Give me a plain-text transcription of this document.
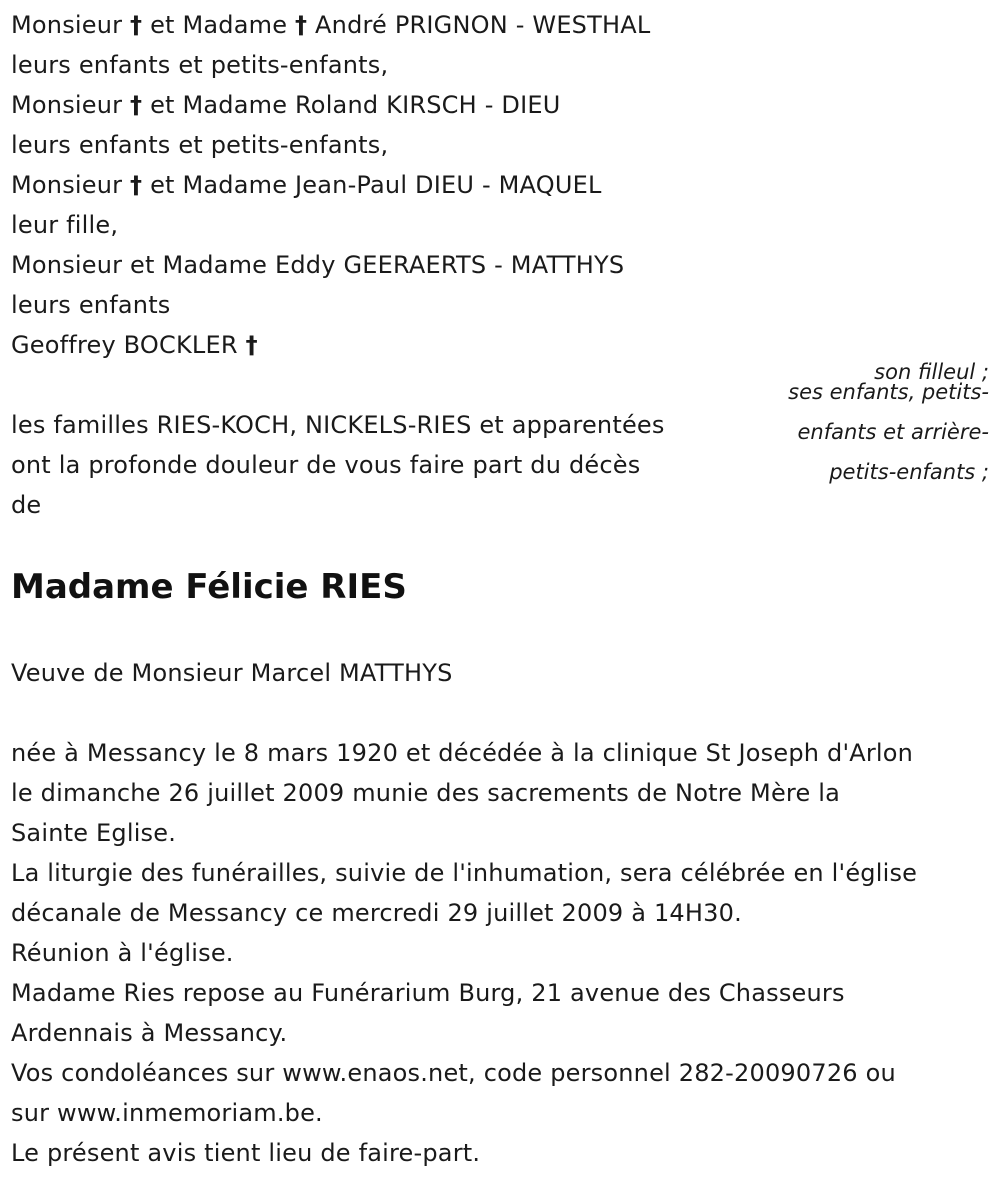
Monsieur † et Madame † André PRIGNON - WESTHAL
leurs enfants et petits-enfants,
Monsieur † et Madame Roland KIRSCH - DIEU
leurs enfants et petits-enfants,
Monsieur † et Madame Jean-Paul DIEU - MAQUEL
leur fille,
Monsieur et Madame Eddy GEERAERTS - MATTHYS
leurs enfants
Geoffrey BOCKLER †
son filleul ;
ses enfants, petits-
enfants et arrière-
petits-enfants ;
les familles RIES-KOCH, NICKELS-RIES et apparentées
ont la profonde douleur de vous faire part du décès
de
Madame Félicie RIES
Veuve de Monsieur Marcel MATTHYS
née à Messancy le 8 mars 1920 et décédée à la clinique St Joseph d'Arlon
le dimanche 26 juillet 2009 munie des sacrements de Notre Mère la
Sainte Eglise.
La liturgie des funérailles, suivie de l'inhumation, sera célébrée en l'église
décanale de Messancy ce mercredi 29 juillet 2009 à 14H30.
Réunion à l'église.
Madame Ries repose au Funérarium Burg, 21 avenue des Chasseurs
Ardennais à Messancy.
Vos condoléances sur www.enaos.net, code personnel 282-20090726 ou
sur www.inmemoriam.be.
Le présent avis tient lieu de faire-part.
